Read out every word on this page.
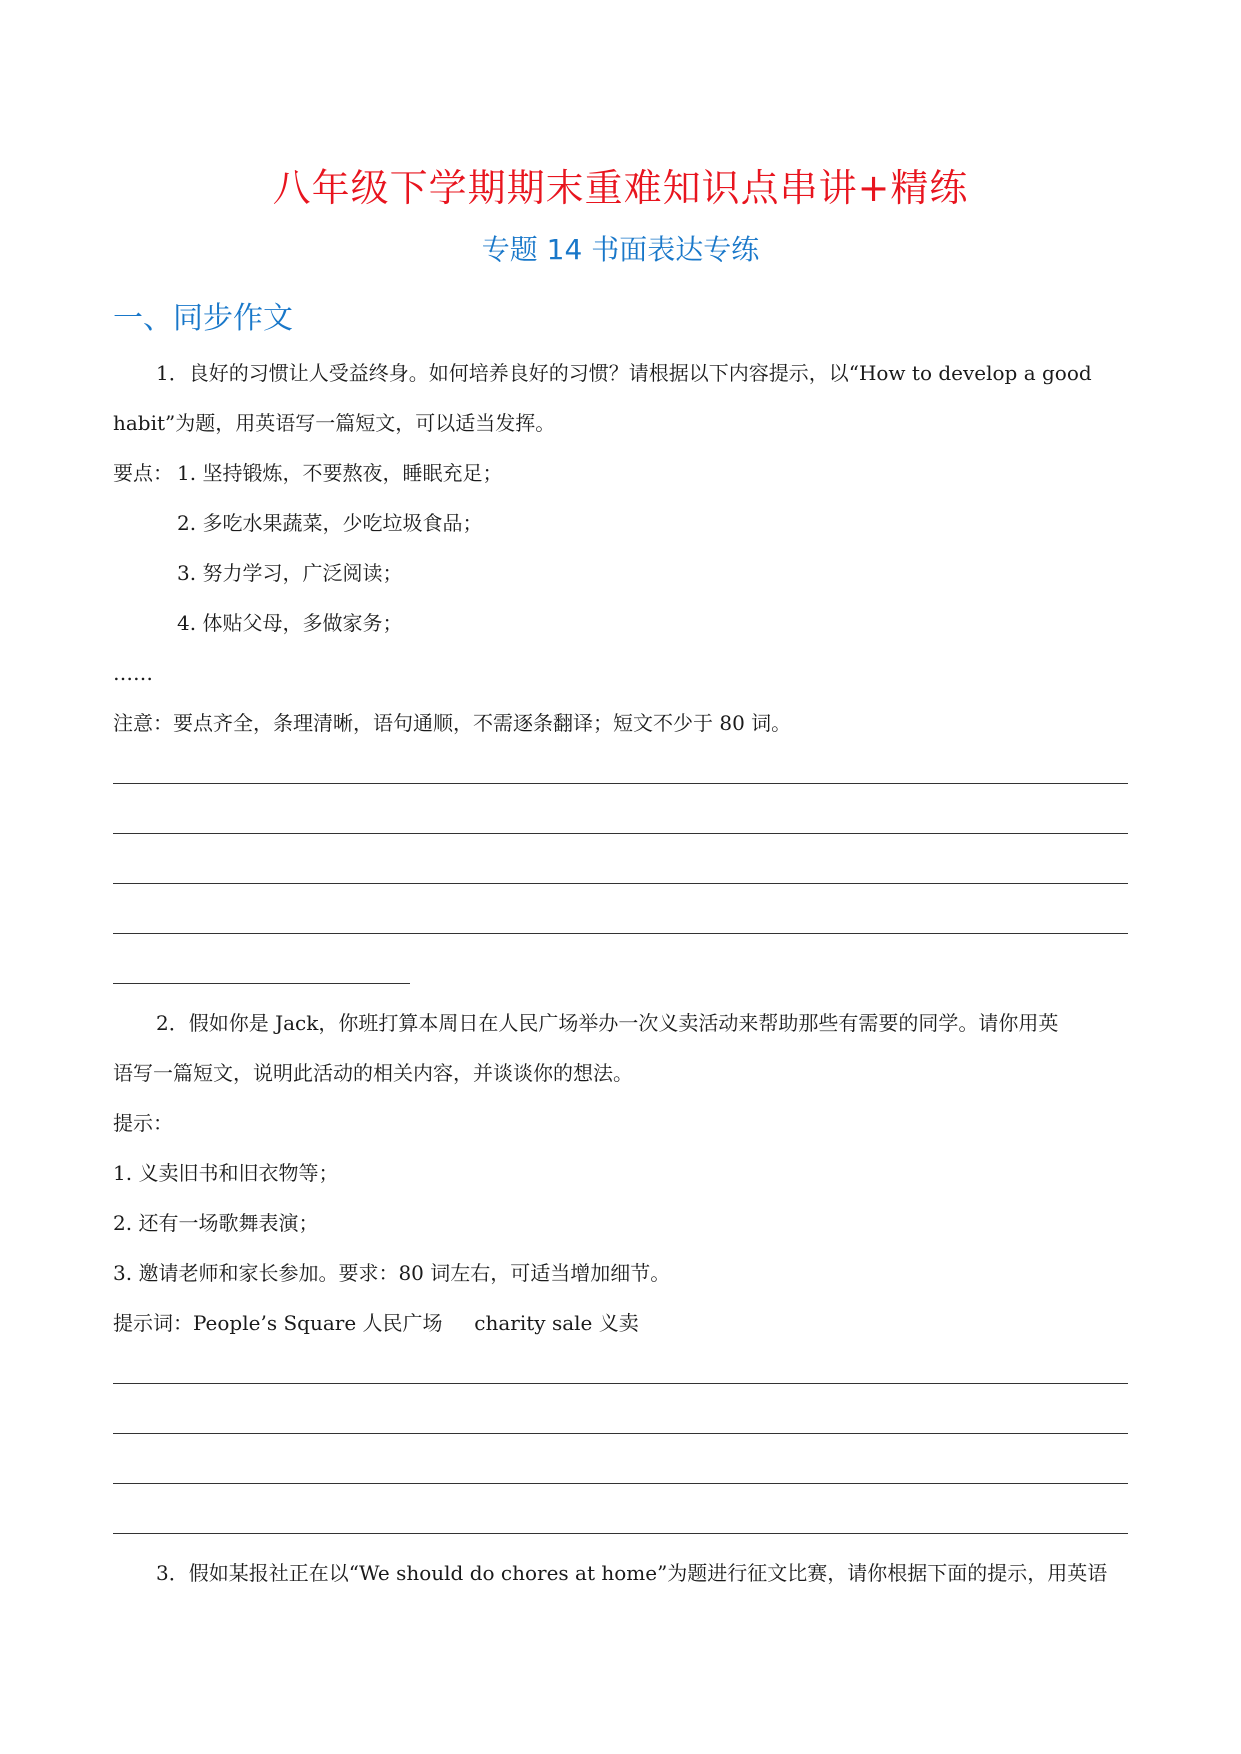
八年级下学期期末重难知识点串讲+精练
专题 14 书面表达专练
一、同步作文
1．良好的习惯让人受益终身。如何培养良好的习惯？请根据以下内容提示，以“How to develop a good
habit”为题，用英语写一篇短文，可以适当发挥。
要点： 1. 坚持锻炼，不要熬夜，睡眠充足；
2. 多吃水果蔬菜，少吃垃圾食品；
3. 努力学习，广泛阅读；
4. 体贴父母，多做家务；
……
注意：要点齐全，条理清晰，语句通顺，不需逐条翻译；短文不少于 80 词。
2．假如你是 Jack，你班打算本周日在人民广场举办一次义卖活动来帮助那些有需要的同学。请你用英
语写一篇短文，说明此活动的相关内容，并谈谈你的想法。
提示：
1. 义卖旧书和旧衣物等；
2. 还有一场歌舞表演；
3. 邀请老师和家长参加。要求：80 词左右，可适当增加细节。
提示词：People’s Square 人民广场     charity sale 义卖
3．假如某报社正在以“We should do chores at home”为题进行征文比赛，请你根据下面的提示，用英语
